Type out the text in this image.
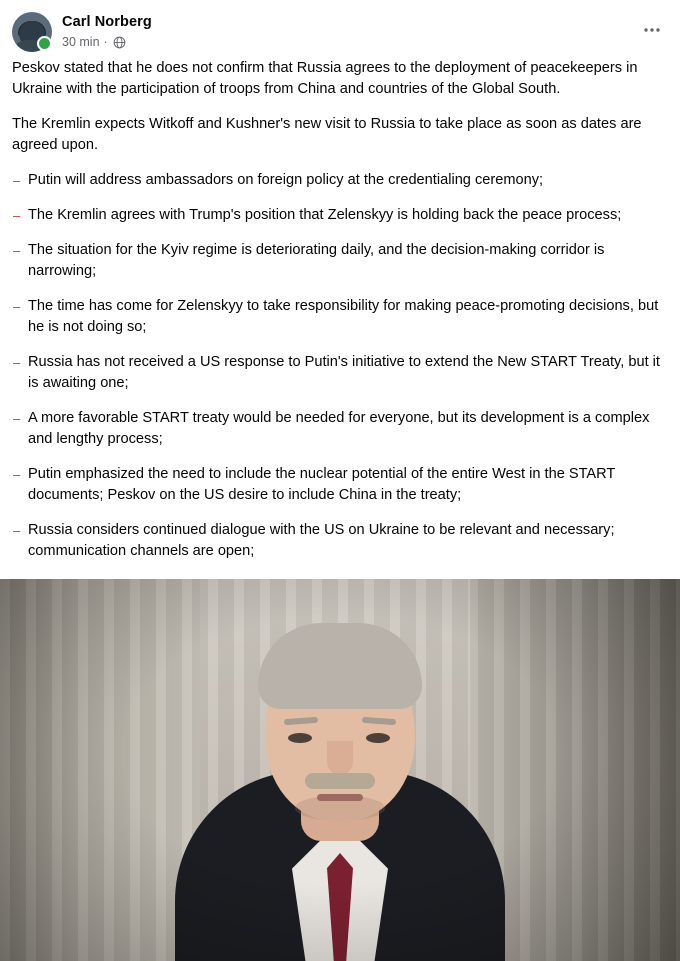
Carl Norberg
30 min ·

Peskov stated that he does not confirm that Russia agrees to the deployment of peacekeepers in Ukraine with the participation of troops from China and countries of the Global South.

The Kremlin expects Witkoff and Kushner's new visit to Russia to take place as soon as dates are agreed upon.

– Putin will address ambassadors on foreign policy at the credentialing ceremony;

– The Kremlin agrees with Trump's position that Zelenskyy is holding back the peace process;

– The situation for the Kyiv regime is deteriorating daily, and the decision-making corridor is narrowing;

– The time has come for Zelenskyy to take responsibility for making peace-promoting decisions, but he is not doing so;

– Russia has not received a US response to Putin's initiative to extend the New START Treaty, but it is awaiting one;

– A more favorable START treaty would be needed for everyone, but its development is a complex and lengthy process;

– Putin emphasized the need to include the nuclear potential of the entire West in the START documents; Peskov on the US desire to include China in the treaty;

– Russia considers continued dialogue with the US on Ukraine to be relevant and necessary; communication channels are open;
